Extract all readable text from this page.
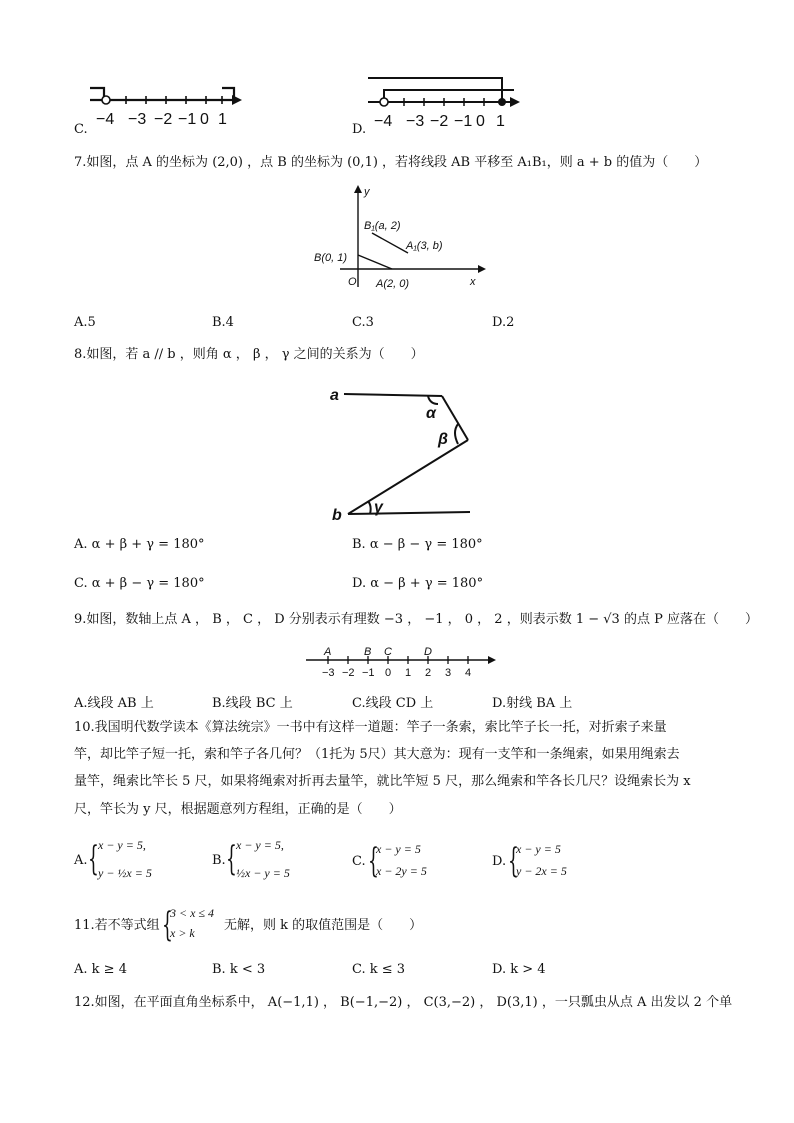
C.
−4 −3 −2 −1 0 1
D. −4 −3 −2 −1 0 1
7.如图，点 A 的坐标为 (2,0) ，点 B 的坐标为 (0,1) ，若将线段 AB 平移至 A₁B₁，则 a + b 的值为（　　）
y
x
O
B₁(a, 2)
A₁(3, b)
B(0, 1)
A(2, 0)
A.5	B.4	C.3	D.2
8.如图，若 a // b ，则角 α ， β ， γ 之间的关系为（　　）
a
b
α
β
γ
A. α + β + γ = 180°	B. α − β − γ = 180°
C. α + β − γ = 180°	D. α − β + γ = 180°
9.如图，数轴上点 A ， B ， C ， D 分别表示有理数 −3 ， −1 ， 0 ， 2 ，则表示数 1 − √3 的点 P 应落在（　　）
A	B C	D
−3 −2 −1 0 1 2 3 4
A.线段 AB 上	B.线段 BC 上	C.线段 CD 上	D.射线 BA 上
10.我国明代数学读本《算法统宗》一书中有这样一道题：竿子一条索，索比竿子长一托，对折索子来量
竿，却比竿子短一托，索和竿子各几何？（1托为 5尺）其大意为：现有一支竿和一条绳索，如果用绳索去
量竿，绳索比竿长 5 尺，如果将绳索对折再去量竿，就比竿短 5 尺，那么绳索和竿各长几尺？设绳索长为 x
尺，竿长为 y 尺，根据题意列方程组，正确的是（　　）
A. { x − y = 5,
y − ½x = 5
B. { x − y = 5,
½x − y = 5
C. {
x − y = 5
x − 2y = 5
D. {
x − y = 5
y − 2x = 5
11.若不等式组 {
3 < x ≤ 4
x > k 无解，则 k 的取值范围是（　　）
A. k ≥ 4	B. k < 3	C. k ≤ 3	D. k > 4
12.如图，在平面直角坐标系中， A(−1,1) ， B(−1,−2) ， C(3,−2) ， D(3,1) ，一只瓢虫从点 A 出发以 2 个单
